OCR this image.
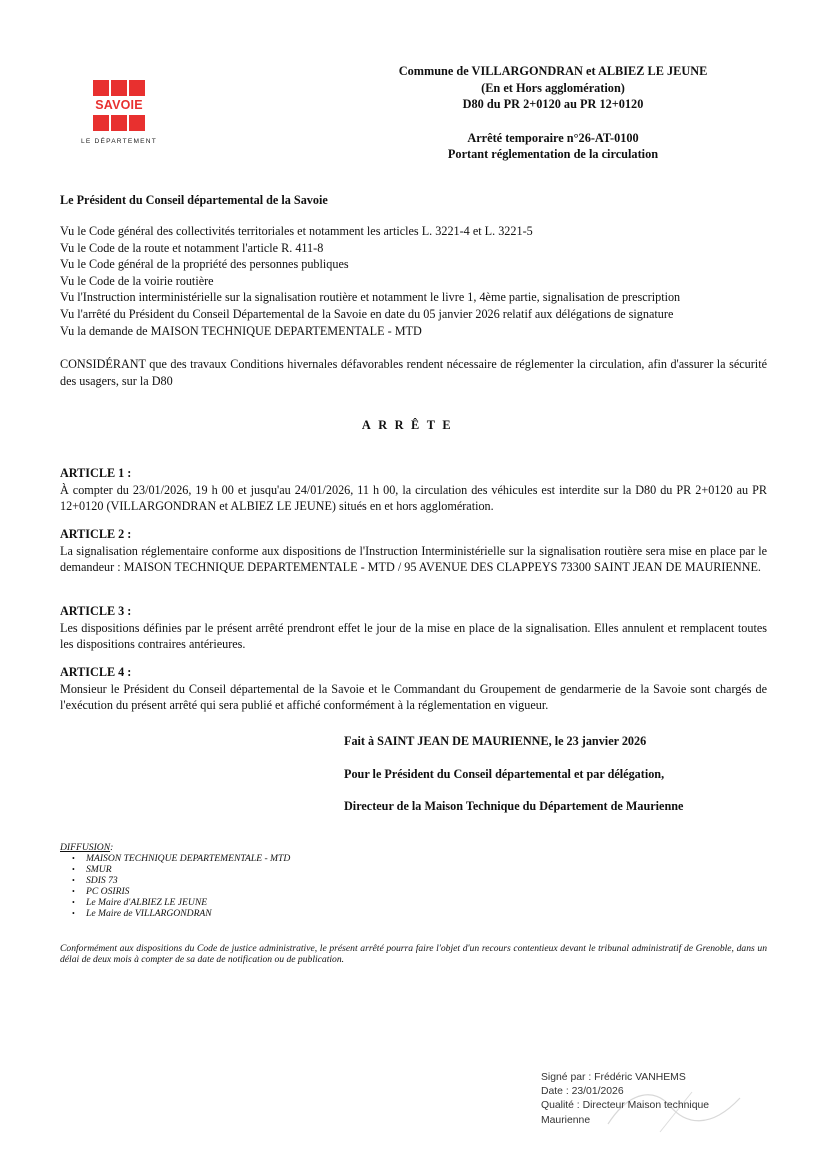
SAVOIE
LE DÉPARTEMENT
Commune de VILLARGONDRAN et ALBIEZ LE JEUNE
(En et Hors agglomération)
D80 du PR 2+0120 au PR 12+0120
Arrêté temporaire n°26-AT-0100
Portant réglementation de la circulation
Le Président du Conseil départemental de la Savoie
Vu le Code général des collectivités territoriales et notamment les articles L. 3221-4 et L. 3221-5
Vu le Code de la route et notamment l'article R. 411-8
Vu le Code général de la propriété des personnes publiques
Vu le Code de la voirie routière
Vu l'Instruction interministérielle sur la signalisation routière et notamment le livre 1, 4ème partie, signalisation de prescription
Vu l'arrêté du Président du Conseil Départemental de la Savoie en date du 05 janvier 2026 relatif aux délégations de signature
Vu la demande de MAISON TECHNIQUE DEPARTEMENTALE - MTD
CONSIDÉRANT que des travaux Conditions hivernales défavorables rendent nécessaire de réglementer la circulation, afin d'assurer la sécurité des usagers, sur la D80
ARRÊTE
ARTICLE 1 :
À compter du 23/01/2026, 19 h 00 et jusqu'au 24/01/2026, 11 h 00, la circulation des véhicules est interdite sur la D80 du PR 2+0120 au PR 12+0120 (VILLARGONDRAN et ALBIEZ LE JEUNE) situés en et hors agglomération.
ARTICLE 2 :
La signalisation réglementaire conforme aux dispositions de l'Instruction Interministérielle sur la signalisation routière sera mise en place par le demandeur : MAISON TECHNIQUE DEPARTEMENTALE - MTD / 95 AVENUE DES CLAPPEYS 73300 SAINT JEAN DE MAURIENNE.
ARTICLE 3 :
Les dispositions définies par le présent arrêté prendront effet le jour de la mise en place de la signalisation. Elles annulent et remplacent toutes les dispositions contraires antérieures.
ARTICLE 4 :
Monsieur le Président du Conseil départemental de la Savoie et le Commandant du Groupement de gendarmerie de la Savoie sont chargés de l'exécution du présent arrêté qui sera publié et affiché conformément à la réglementation en vigueur.
Fait à SAINT JEAN DE MAURIENNE, le 23 janvier 2026
Pour le Président du Conseil départemental et par délégation,
Directeur de la Maison Technique du Département de Maurienne
DIFFUSION:
• MAISON TECHNIQUE DEPARTEMENTALE - MTD
• SMUR
• SDIS 73
• PC OSIRIS
• Le Maire d'ALBIEZ LE JEUNE
• Le Maire de VILLARGONDRAN
Conformément aux dispositions du Code de justice administrative, le présent arrêté pourra faire l'objet d'un recours contentieux devant le tribunal administratif de Grenoble, dans un délai de deux mois à compter de sa date de notification ou de publication.
Signé par : Frédéric VANHEMS
Date : 23/01/2026
Qualité : Directeur Maison technique
Maurienne
